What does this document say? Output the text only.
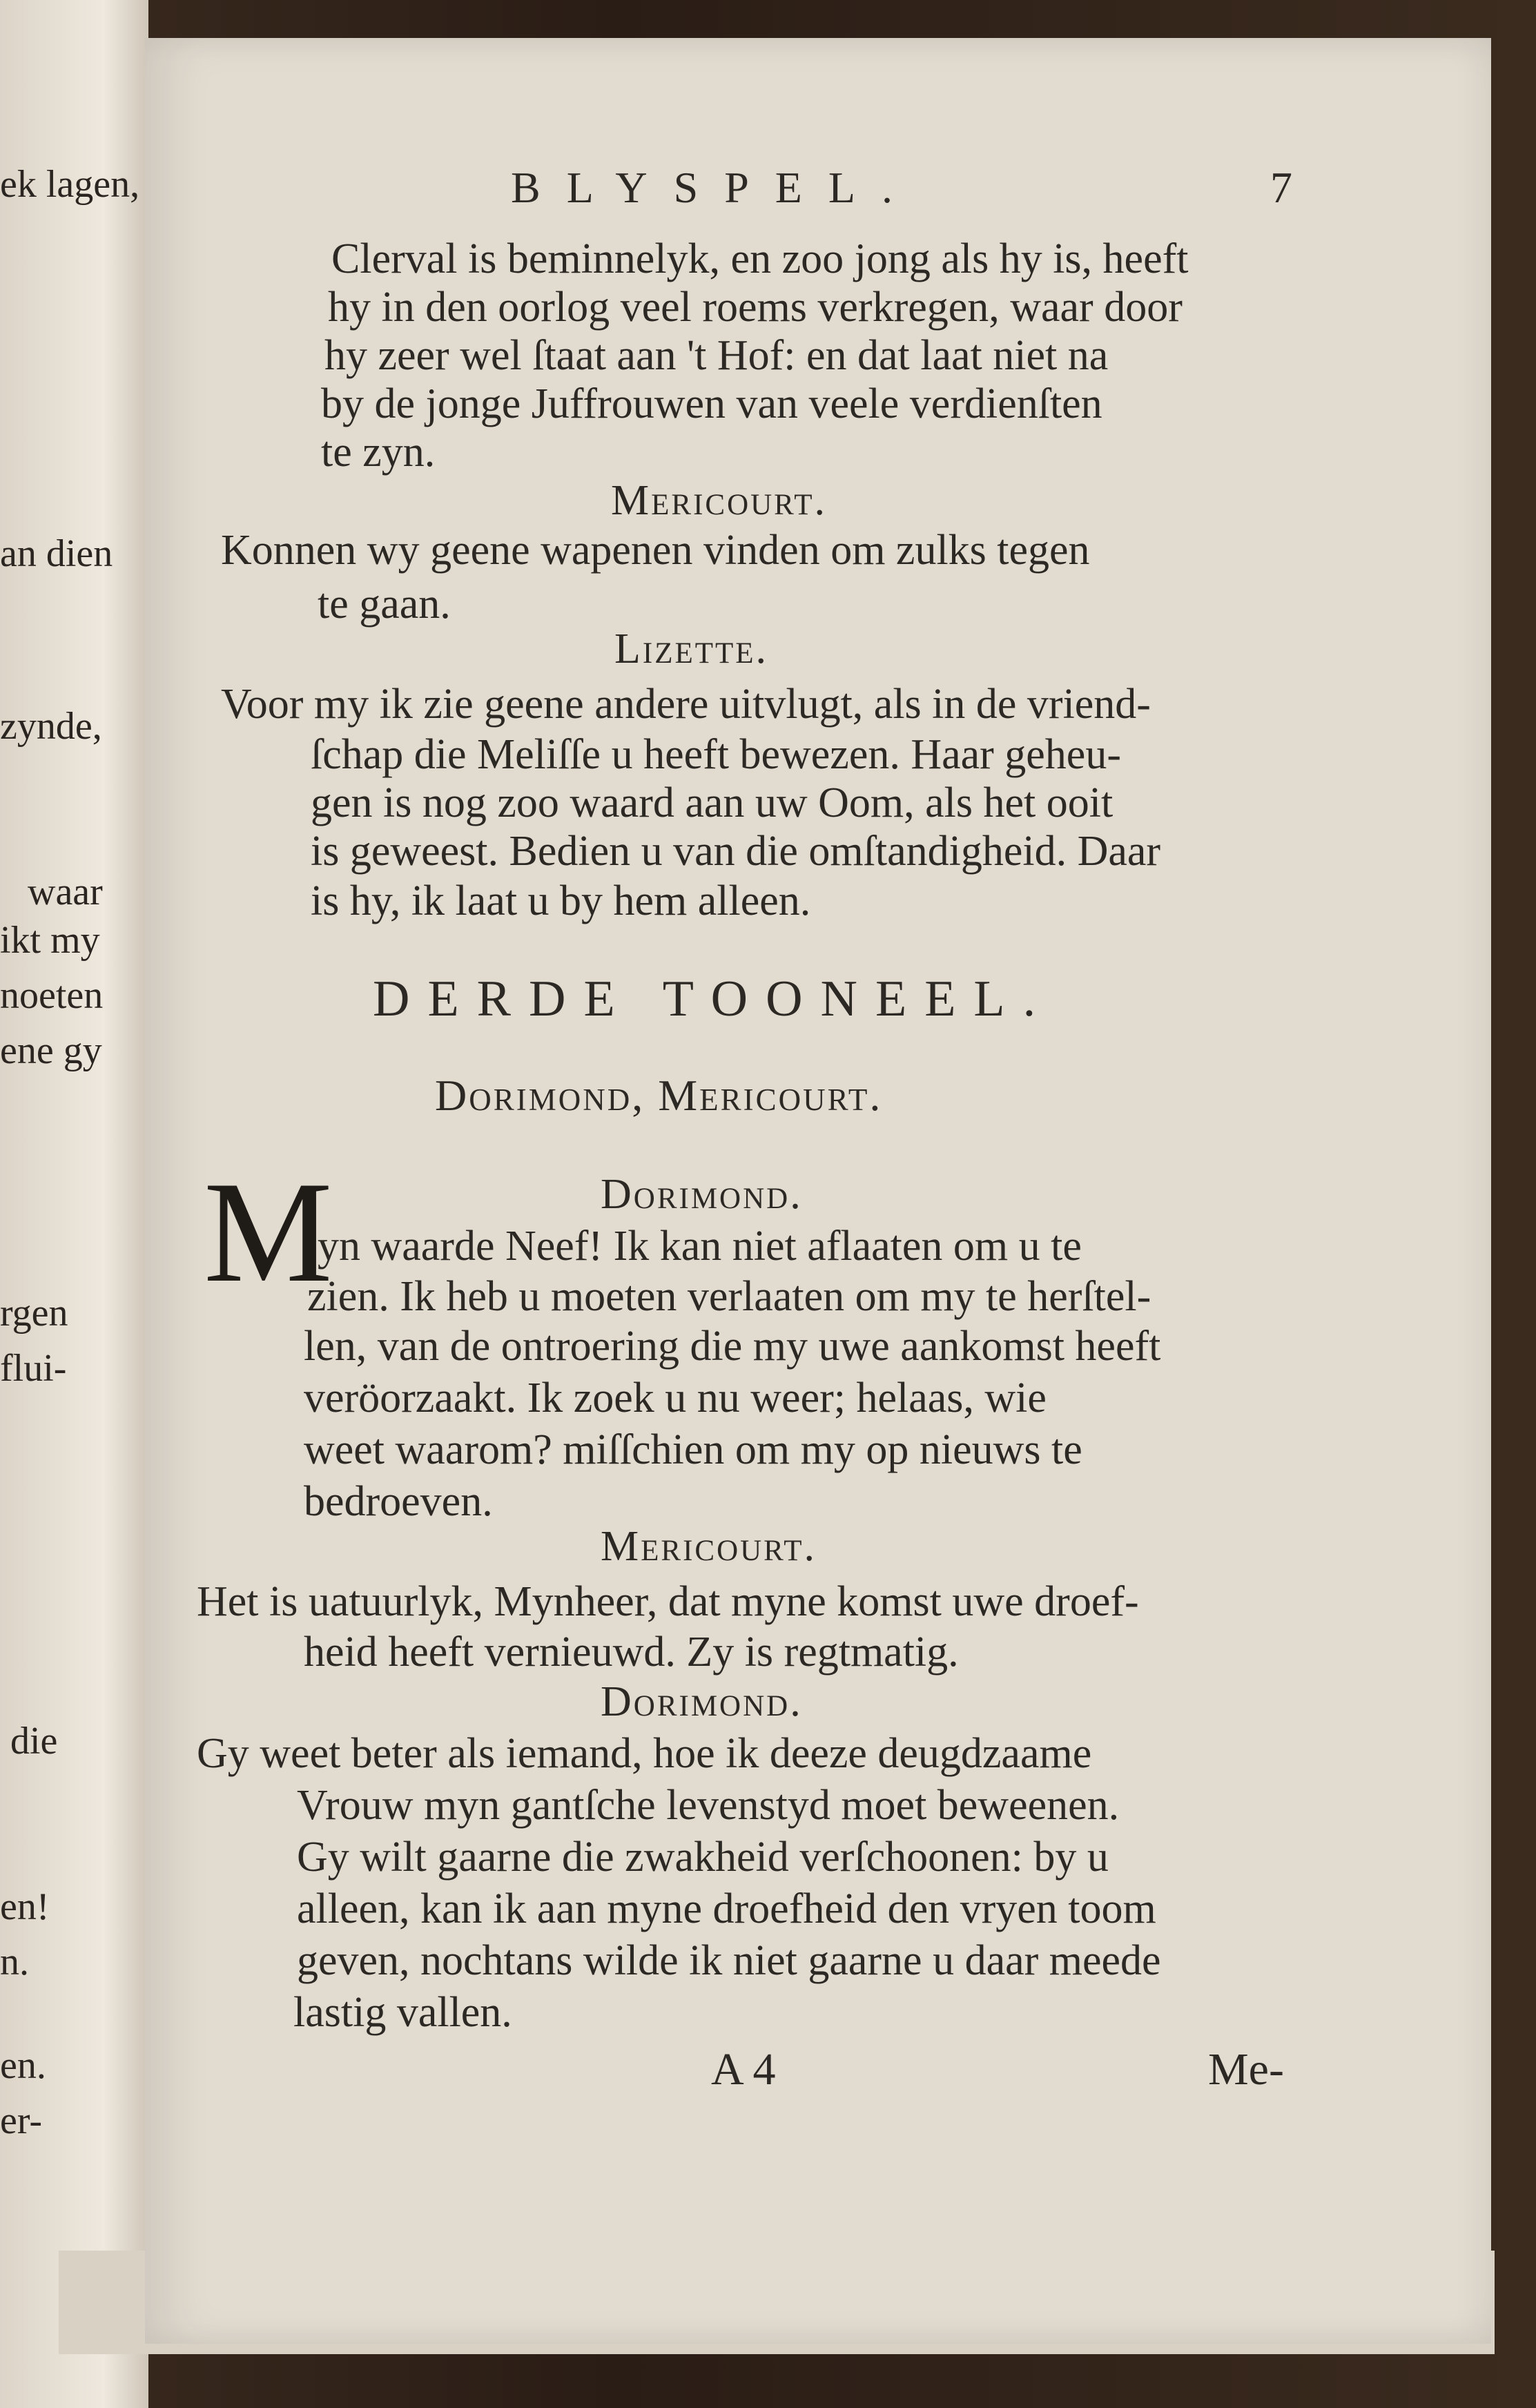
ek lagen,
an dien
zynde,
waar
ikt my
noeten
ene gy
rgen
flui-
die
en!
n.
en.
er-
BLYSPEL.	7
Clerval is beminnelyk, en zoo jong als hy is, heeft
hy in den oorlog veel roems verkregen, waar door
hy zeer wel ſtaat aan 't Hof: en dat laat niet na
by de jonge Juffrouwen van veele verdienſten
te zyn.
Mericourt.
Konnen wy geene wapenen vinden om zulks tegen
te gaan.
Lizette.
Voor my ik zie geene andere uitvlugt, als in de vriend-
ſchap die Meliſſe u heeft bewezen. Haar geheu-
gen is nog zoo waard aan uw Oom, als het ooit
is geweest. Bedien u van die omſtandigheid. Daar
is hy, ik laat u by hem alleen.
DERDE TOONEEL.
Dorimond, Mericourt.
Dorimond.
M
yn waarde Neef! Ik kan niet aflaaten om u te
zien. Ik heb u moeten verlaaten om my te herſtel-
len, van de ontroering die my uwe aankomst heeft
veröorzaakt. Ik zoek u nu weer; helaas, wie
weet waarom? miſſchien om my op nieuws te
bedroeven.
Mericourt.
Het is uatuurlyk, Mynheer, dat myne komst uwe droef-
heid heeft vernieuwd. Zy is regtmatig.
Dorimond.
Gy weet beter als iemand, hoe ik deeze deugdzaame
Vrouw myn gantſche levenstyd moet beweenen.
Gy wilt gaarne die zwakheid verſchoonen: by u
alleen, kan ik aan myne droefheid den vryen toom
geven, nochtans wilde ik niet gaarne u daar meede
lastig vallen.
A 4	Me-
